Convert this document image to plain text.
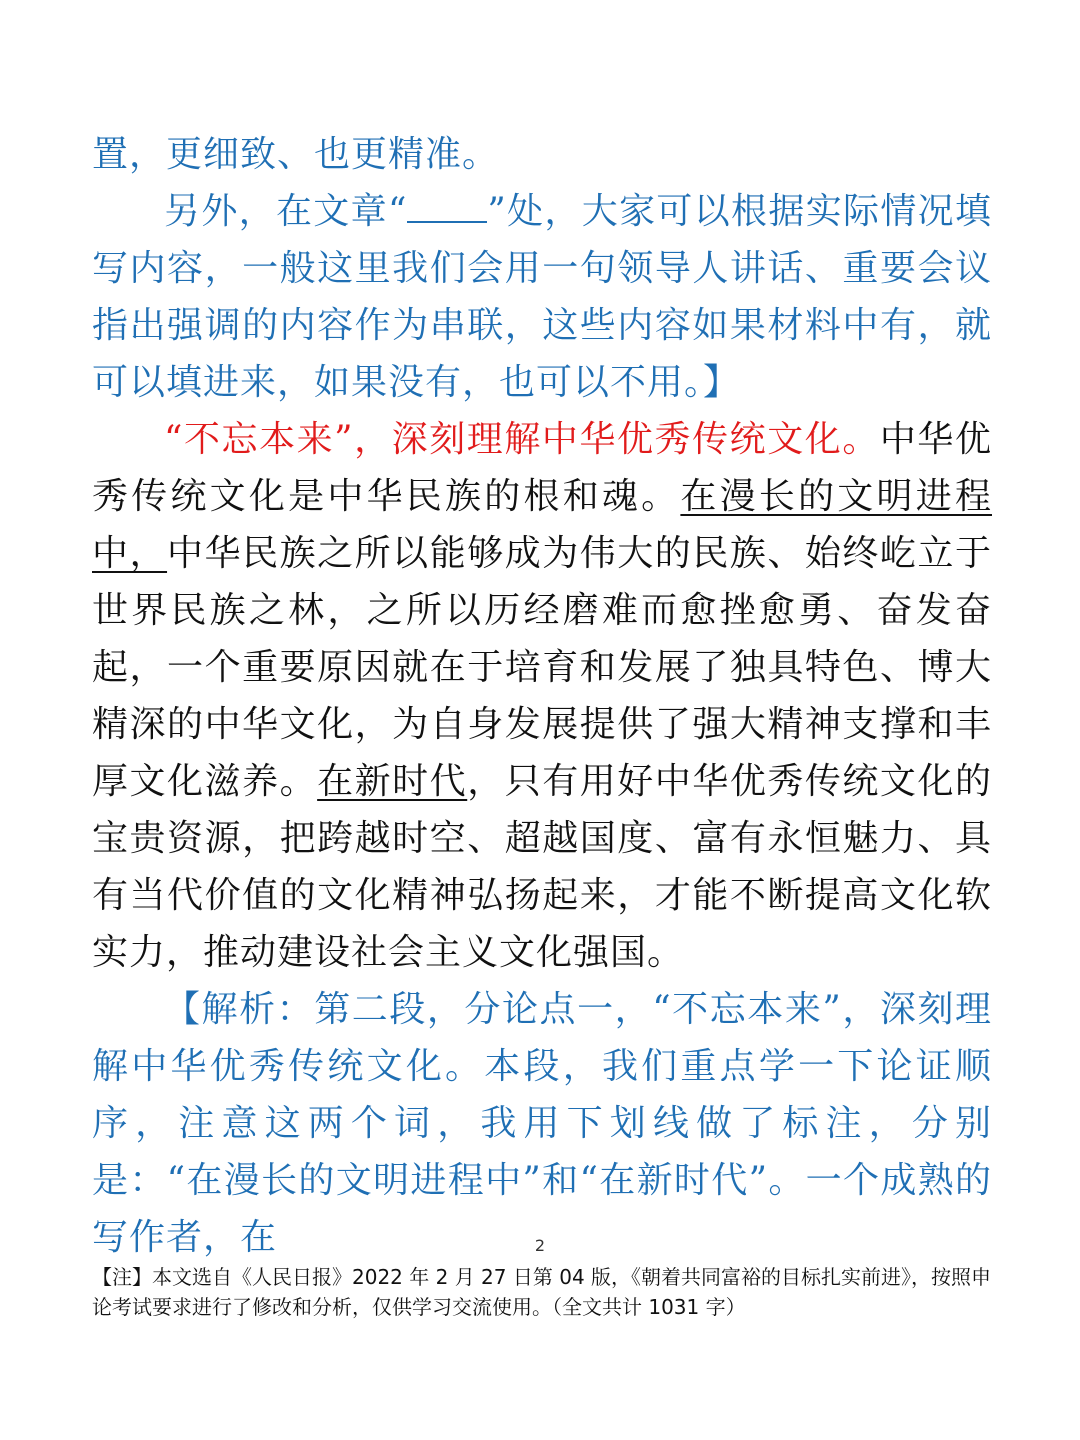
置，更细致、也更精准。

另外，在文章“ ”处，大家可以根据实际情况填写内容，一般这里我们会用一句领导人讲话、重要会议指出强调的内容作为串联，这些内容如果材料中有，就可以填进来，如果没有，也可以不用。】

“不忘本来”，深刻理解中华优秀传统文化。中华优秀传统文化是中华民族的根和魂。在漫长的文明进程中，中华民族之所以能够成为伟大的民族、始终屹立于世界民族之林，之所以历经磨难而愈挫愈勇、奋发奋起，一个重要原因就在于培育和发展了独具特色、博大精深的中华文化，为自身发展提供了强大精神支撑和丰厚文化滋养。在新时代，只有用好中华优秀传统文化的宝贵资源，把跨越时空、超越国度、富有永恒魅力、具有当代价值的文化精神弘扬起来，才能不断提高文化软实力，推动建设社会主义文化强国。

【解析：第二段，分论点一，“不忘本来”，深刻理解中华优秀传统文化。本段，我们重点学一下论证顺序，注意这两个词，我用下划线做了标注，分别是：“在漫长的文明进程中”和“在新时代”。一个成熟的写作者，在	2
【注】本文选自《人民日报》2022 年 2 月 27 日第 04 版，《朝着共同富裕的目标扎实前进》，按照申论考试要求进行了修改和分析，仅供学习交流使用。（全文共计 1031 字）
